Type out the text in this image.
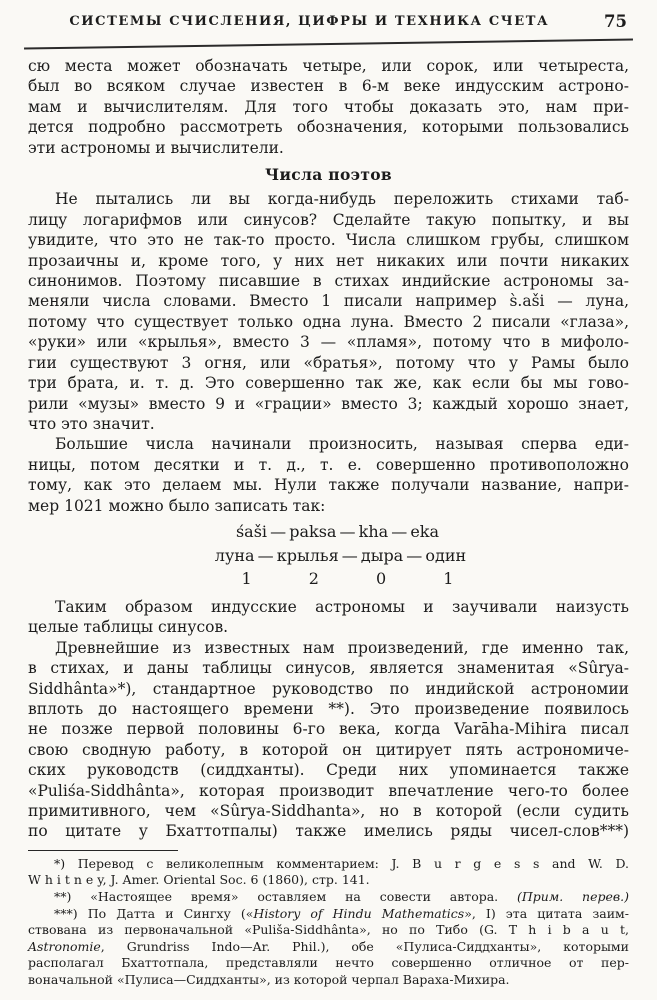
СИСТЕМЫ СЧИСЛЕНИЯ, ЦИФРЫ И ТЕХНИКА СЧЕТА	75
сю места может обозначать четыре, или сорок, или четыреста,
был во всяком случае известен в 6-м веке индусским астроно-
мам и вычислителям. Для того чтобы доказать это, нам при-
дется подробно рассмотреть обозначения, которыми пользовались
эти астрономы и вычислители.
Числа поэтов
Не пытались ли вы когда-нибудь переложить стихами таб-
лицу логарифмов или синусов? Сделайте такую попытку, и вы
увидите, что это не так-то просто. Числа слишком грубы, слишком
прозаичны и, кроме того, у них нет никаких или почти никаких
синонимов. Поэтому писавшие в стихах индийские астрономы за-
меняли числа словами. Вместо 1 писали например s̀.aši — луна,
потому что существует только одна луна. Вместо 2 писали «глаза»,
«руки» или «крылья», вместо 3 — «пламя», потому что в мифоло-
гии существуют 3 огня, или «братья», потому что у Рамы было
три брата, и. т. д. Это совершенно так же, как если бы мы гово-
рили «музы» вместо 9 и «грации» вместо 3; каждый хорошо знает,
что это значит.
Большие числа начинали произносить, называя сперва еди-
ницы, потом десятки и т. д., т. е. совершенно противоположно
тому, как это делаем мы. Нули также получали название, напри-
мер 1021 можно было записать так:
śaši — paksa — kha — eka
луна — крылья — дыра — один
1	2	0	1
Таким образом индусские астрономы и заучивали наизусть
целые таблицы синусов.
Древнейшие из известных нам произведений, где именно так,
в стихах, и даны таблицы синусов, является знаменитая «Sûrya-
Siddhânta»*), стандартное руководство по индийской астрономии
вплоть до настоящего времени **). Это произведение появилось
не позже первой половины 6-го века, когда Varāha-Mihira писал
свою сводную работу, в которой он цитирует пять астрономиче-
ских руководств (сиддханты). Среди них упоминается также
«Puliśa-Siddhânta», которая производит впечатление чего-то более
примитивного, чем «Sûrya-Siddhanta», но в которой (если судить
по цитате у Бхаттотпалы) также имелись ряды чисел-слов***)
*) Перевод с великолепным комментарием: J. B u r g e s s and W. D.
W h i t n e y, J. Amer. Oriental Soc. 6 (1860), стр. 141.
**) «Настоящее время» оставляем на совести автора. (Прим. перев.)
***) По Датта и Сингху («History of Hindu Mathematics», I) эта цитата заим-
ствована из первоначальной «Puliša-Siddhânta», но по Тибо (G. T h i b a u t,
Astronomie, Grundriss Indo—Ar. Phil.), обе «Пулиса-Сиддханты», которыми
располагал Бхаттотпала, представляли нечто совершенно отличное от пер-
воначальной «Пулиса—Сиддханты», из которой черпал Вараха-Михира.
